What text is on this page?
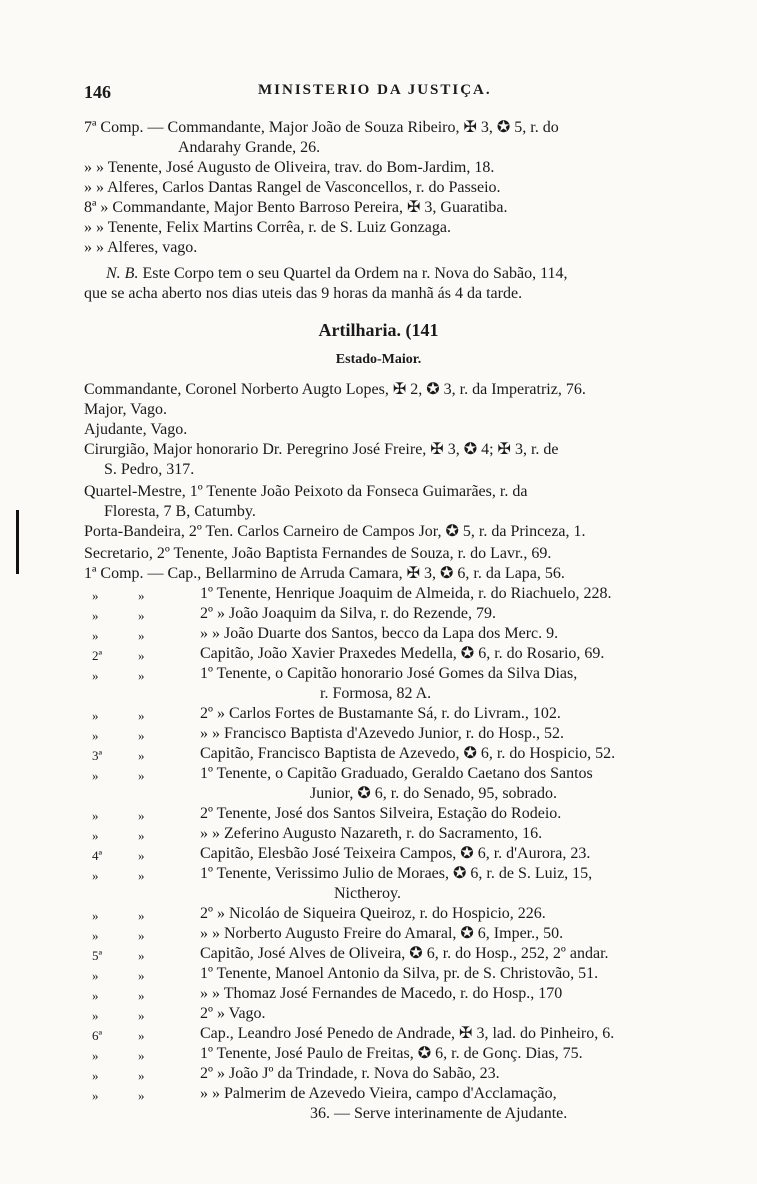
146	MINISTERIO DA JUSTIÇA.
7ª Comp. — Commandante, Major João de Souza Ribeiro, ✠ 3, ✪ 5, r. do
Andarahy Grande, 26.
» » Tenente, José Augusto de Oliveira, trav. do Bom-Jardim, 18.
» » Alferes, Carlos Dantas Rangel de Vasconcellos, r. do Passeio.
8ª » Commandante, Major Bento Barroso Pereira, ✠ 3, Guaratiba.
» » Tenente, Felix Martins Corrêa, r. de S. Luiz Gonzaga.
» » Alferes, vago.
N. B. Este Corpo tem o seu Quartel da Ordem na r. Nova do Sabão, 114,
que se acha aberto nos dias uteis das 9 horas da manhã ás 4 da tarde.
Artilharia. (141
Estado-Maior.
Commandante, Coronel Norberto Augto Lopes, ✠ 2, ✪ 3, r. da Imperatriz, 76.
Major, Vago.
Ajudante, Vago.
Cirurgião, Major honorario Dr. Peregrino José Freire, ✠ 3, ✪ 4; ✠ 3, r. de
S. Pedro, 317.
Quartel-Mestre, 1º Tenente João Peixoto da Fonseca Guimarães, r. da
Floresta, 7 B, Catumby.
Porta-Bandeira, 2º Ten. Carlos Carneiro de Campos Jor, ✪ 5, r. da Princeza, 1.
Secretario, 2º Tenente, João Baptista Fernandes de Souza, r. do Lavr., 69.
1ª Comp. — Cap., Bellarmino de Arruda Camara, ✠ 3, ✪ 6, r. da Lapa, 56.
»	»	1º Tenente, Henrique Joaquim de Almeida, r. do Riachuelo, 228.
»	»	2º » João Joaquim da Silva, r. do Rezende, 79.
»	»	» » João Duarte dos Santos, becco da Lapa dos Merc. 9.
2ª	»	Capitão, João Xavier Praxedes Medella, ✪ 6, r. do Rosario, 69.
»	»	1º Tenente, o Capitão honorario José Gomes da Silva Dias,
r. Formosa, 82 A.
»	»	2º » Carlos Fortes de Bustamante Sá, r. do Livram., 102.
»	»	» » Francisco Baptista d'Azevedo Junior, r. do Hosp., 52.
3ª	»	Capitão, Francisco Baptista de Azevedo, ✪ 6, r. do Hospicio, 52.
»	»	1º Tenente, o Capitão Graduado, Geraldo Caetano dos Santos
Junior, ✪ 6, r. do Senado, 95, sobrado.
»	»	2º Tenente, José dos Santos Silveira, Estação do Rodeio.
»	»	» » Zeferino Augusto Nazareth, r. do Sacramento, 16.
4ª	»	Capitão, Elesbão José Teixeira Campos, ✪ 6, r. d'Aurora, 23.
»	»	1º Tenente, Verissimo Julio de Moraes, ✪ 6, r. de S. Luiz, 15,
Nictheroy.
»	»	2º » Nicoláo de Siqueira Queiroz, r. do Hospicio, 226.
»	»	» » Norberto Augusto Freire do Amaral, ✪ 6, Imper., 50.
5ª	»	Capitão, José Alves de Oliveira, ✪ 6, r. do Hosp., 252, 2º andar.
»	»	1º Tenente, Manoel Antonio da Silva, pr. de S. Christovão, 51.
»	»	» » Thomaz José Fernandes de Macedo, r. do Hosp., 170
»	»	2º » Vago.
6ª	»	Cap., Leandro José Penedo de Andrade, ✠ 3, lad. do Pinheiro, 6.
»	»	1º Tenente, José Paulo de Freitas, ✪ 6, r. de Gonç. Dias, 75.
»	»	2º » João Jº da Trindade, r. Nova do Sabão, 23.
»	»	» » Palmerim de Azevedo Vieira, campo d'Acclamação,
36. — Serve interinamente de Ajudante.
